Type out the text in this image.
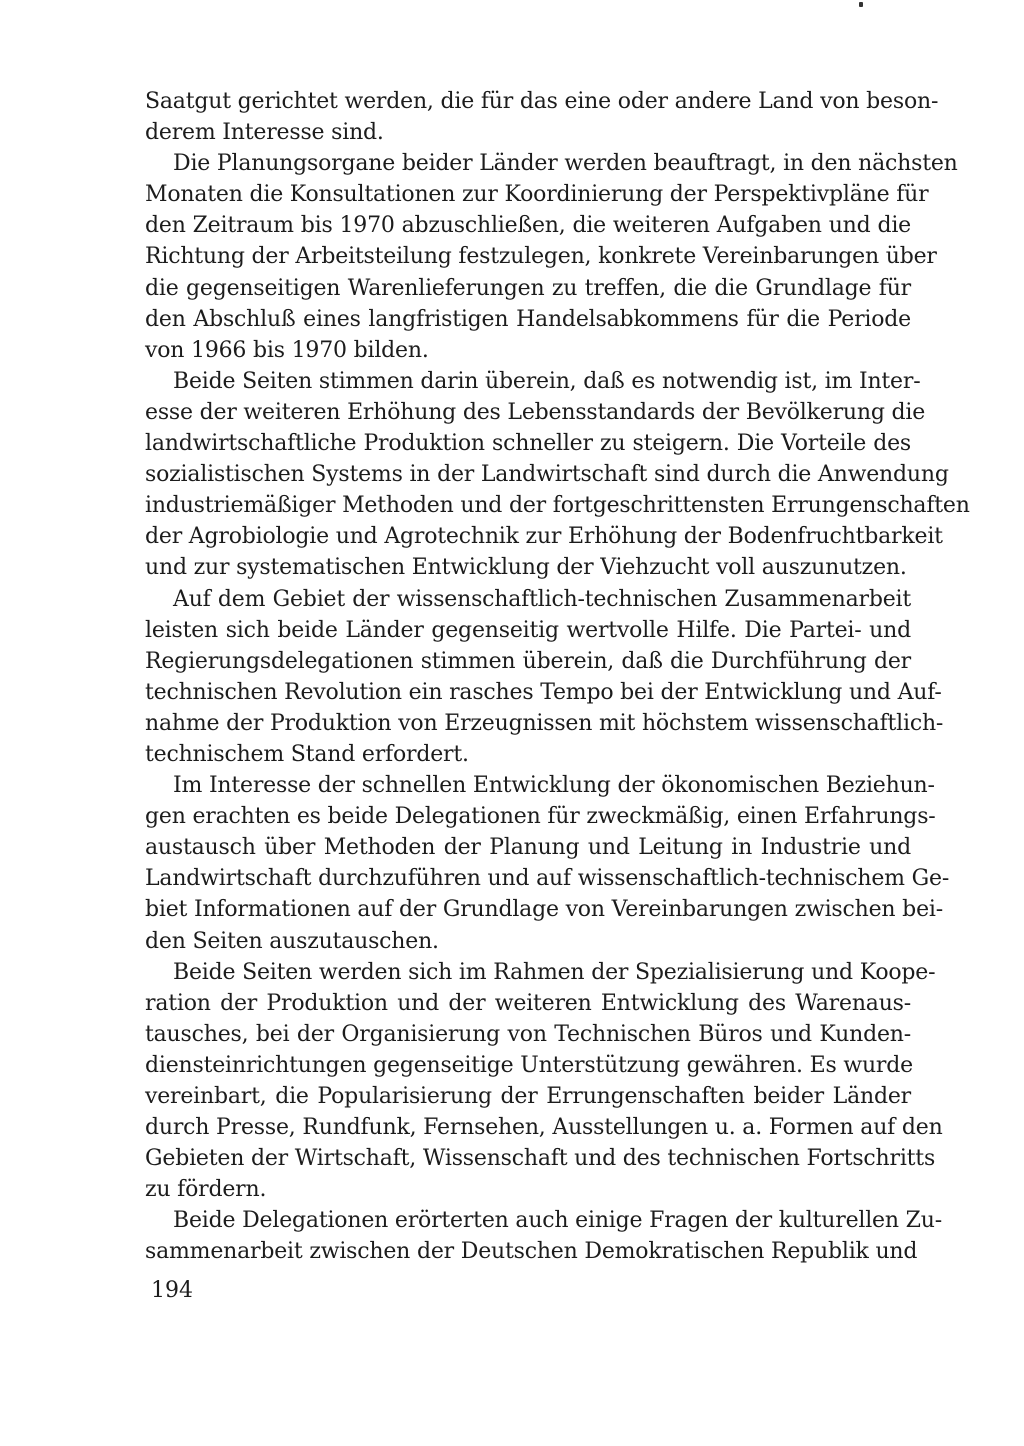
Saatgut gerichtet werden, die für das eine oder andere Land von beson-
derem Interesse sind.

Die Planungsorgane beider Länder werden beauftragt, in den nächsten
Monaten die Konsultationen zur Koordinierung der Perspektivpläne für
den Zeitraum bis 1970 abzuschließen, die weiteren Aufgaben und die
Richtung der Arbeitsteilung festzulegen, konkrete Vereinbarungen über
die gegenseitigen Warenlieferungen zu treffen, die die Grundlage für
den Abschluß eines langfristigen Handelsabkommens für die Periode
von 1966 bis 1970 bilden.

Beide Seiten stimmen darin überein, daß es notwendig ist, im Inter-
esse der weiteren Erhöhung des Lebensstandards der Bevölkerung die
landwirtschaftliche Produktion schneller zu steigern. Die Vorteile des
sozialistischen Systems in der Landwirtschaft sind durch die Anwendung
industriemäßiger Methoden und der fortgeschrittensten Errungenschaften
der Agrobiologie und Agrotechnik zur Erhöhung der Bodenfruchtbarkeit
und zur systematischen Entwicklung der Viehzucht voll auszunutzen.

Auf dem Gebiet der wissenschaftlich-technischen Zusammenarbeit
leisten sich beide Länder gegenseitig wertvolle Hilfe. Die Partei- und
Regierungsdelegationen stimmen überein, daß die Durchführung der
technischen Revolution ein rasches Tempo bei der Entwicklung und Auf-
nahme der Produktion von Erzeugnissen mit höchstem wissenschaftlich-
technischem Stand erfordert.

Im Interesse der schnellen Entwicklung der ökonomischen Beziehun-
gen erachten es beide Delegationen für zweckmäßig, einen Erfahrungs-
austausch über Methoden der Planung und Leitung in Industrie und
Landwirtschaft durchzuführen und auf wissenschaftlich-technischem Ge-
biet Informationen auf der Grundlage von Vereinbarungen zwischen bei-
den Seiten auszutauschen.

Beide Seiten werden sich im Rahmen der Spezialisierung und Koope-
ration der Produktion und der weiteren Entwicklung des Warenaus-
tausches, bei der Organisierung von Technischen Büros und Kunden-
diensteinrichtungen gegenseitige Unterstützung gewähren. Es wurde
vereinbart, die Popularisierung der Errungenschaften beider Länder
durch Presse, Rundfunk, Fernsehen, Ausstellungen u. a. Formen auf den
Gebieten der Wirtschaft, Wissenschaft und des technischen Fortschritts
zu fördern.

Beide Delegationen erörterten auch einige Fragen der kulturellen Zu-
sammenarbeit zwischen der Deutschen Demokratischen Republik und

194
